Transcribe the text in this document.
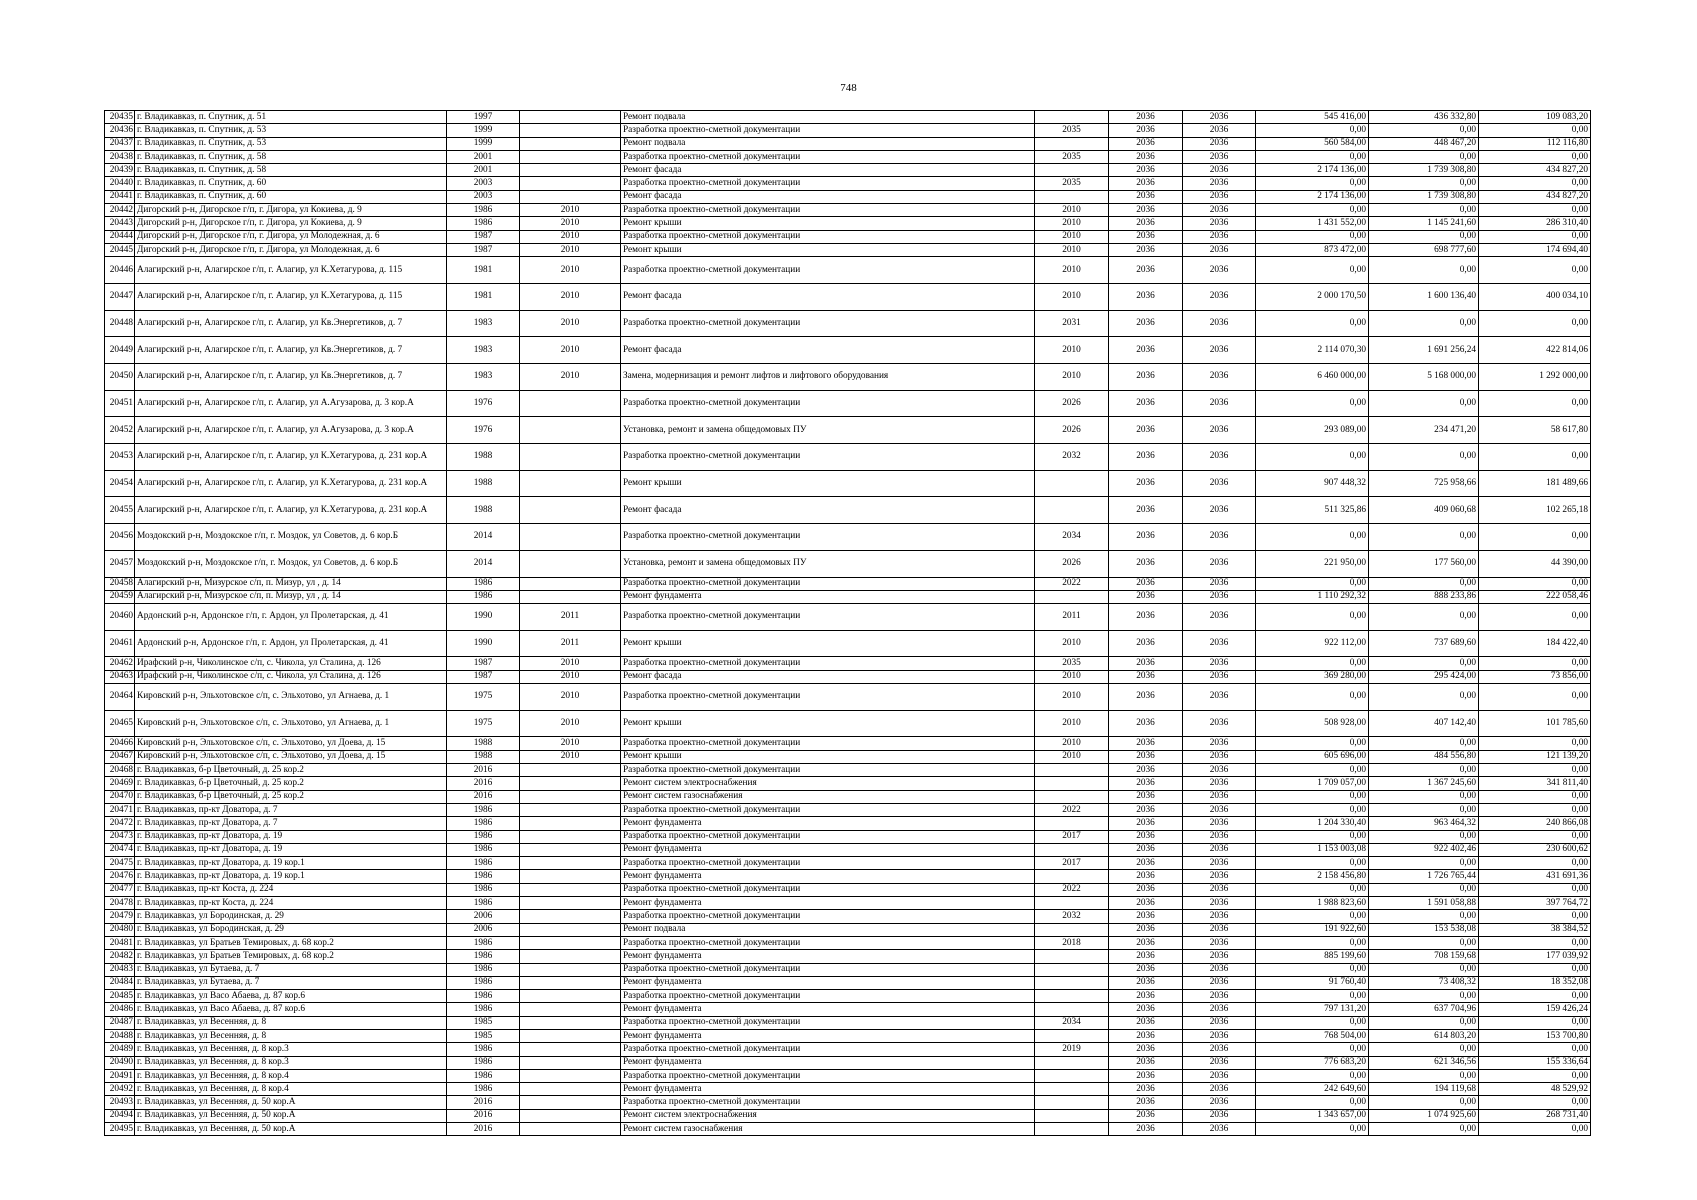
748
20435	г. Владикавказ, п. Спутник, д. 51	1997		Ремонт подвала		2036	2036	545 416,00	436 332,80	109 083,20
20436	г. Владикавказ, п. Спутник, д. 53	1999		Разработка проектно-сметной документации	2035	2036	2036	0,00	0,00	0,00
20437	г. Владикавказ, п. Спутник, д. 53	1999		Ремонт подвала		2036	2036	560 584,00	448 467,20	112 116,80
20438	г. Владикавказ, п. Спутник, д. 58	2001		Разработка проектно-сметной документации	2035	2036	2036	0,00	0,00	0,00
20439	г. Владикавказ, п. Спутник, д. 58	2001		Ремонт фасада		2036	2036	2 174 136,00	1 739 308,80	434 827,20
20440	г. Владикавказ, п. Спутник, д. 60	2003		Разработка проектно-сметной документации	2035	2036	2036	0,00	0,00	0,00
20441	г. Владикавказ, п. Спутник, д. 60	2003		Ремонт фасада		2036	2036	2 174 136,00	1 739 308,80	434 827,20
20442	Дигорский р-н, Дигорское г/п, г. Дигора, ул Кокиева, д. 9	1986	2010	Разработка проектно-сметной документации	2010	2036	2036	0,00	0,00	0,00
20443	Дигорский р-н, Дигорское г/п, г. Дигора, ул Кокиева, д. 9	1986	2010	Ремонт крыши	2010	2036	2036	1 431 552,00	1 145 241,60	286 310,40
20444	Дигорский р-н, Дигорское г/п, г. Дигора, ул Молодежная, д. 6	1987	2010	Разработка проектно-сметной документации	2010	2036	2036	0,00	0,00	0,00
20445	Дигорский р-н, Дигорское г/п, г. Дигора, ул Молодежная, д. 6	1987	2010	Ремонт крыши	2010	2036	2036	873 472,00	698 777,60	174 694,40
20446	Алагирский р-н, Алагирское г/п, г. Алагир, ул К.Хетагурова, д. 115	1981	2010	Разработка проектно-сметной документации	2010	2036	2036	0,00	0,00	0,00
20447	Алагирский р-н, Алагирское г/п, г. Алагир, ул К.Хетагурова, д. 115	1981	2010	Ремонт фасада	2010	2036	2036	2 000 170,50	1 600 136,40	400 034,10
20448	Алагирский р-н, Алагирское г/п, г. Алагир, ул Кв.Энергетиков, д. 7	1983	2010	Разработка проектно-сметной документации	2031	2036	2036	0,00	0,00	0,00
20449	Алагирский р-н, Алагирское г/п, г. Алагир, ул Кв.Энергетиков, д. 7	1983	2010	Ремонт фасада	2010	2036	2036	2 114 070,30	1 691 256,24	422 814,06
20450	Алагирский р-н, Алагирское г/п, г. Алагир, ул Кв.Энергетиков, д. 7	1983	2010	Замена, модернизация и ремонт лифтов и лифтового оборудования	2010	2036	2036	6 460 000,00	5 168 000,00	1 292 000,00
20451	Алагирский р-н, Алагирское г/п, г. Алагир, ул А.Агузарова, д. 3 кор.А	1976		Разработка проектно-сметной документации	2026	2036	2036	0,00	0,00	0,00
20452	Алагирский р-н, Алагирское г/п, г. Алагир, ул А.Агузарова, д. 3 кор.А	1976		Установка, ремонт и замена общедомовых ПУ	2026	2036	2036	293 089,00	234 471,20	58 617,80
20453	Алагирский р-н, Алагирское г/п, г. Алагир, ул К.Хетагурова, д. 231 кор.А	1988		Разработка проектно-сметной документации	2032	2036	2036	0,00	0,00	0,00
20454	Алагирский р-н, Алагирское г/п, г. Алагир, ул К.Хетагурова, д. 231 кор.А	1988		Ремонт крыши		2036	2036	907 448,32	725 958,66	181 489,66
20455	Алагирский р-н, Алагирское г/п, г. Алагир, ул К.Хетагурова, д. 231 кор.А	1988		Ремонт фасада		2036	2036	511 325,86	409 060,68	102 265,18
20456	Моздокский р-н, Моздокское г/п, г. Моздок, ул Советов, д. 6 кор.Б	2014		Разработка проектно-сметной документации	2034	2036	2036	0,00	0,00	0,00
20457	Моздокский р-н, Моздокское г/п, г. Моздок, ул Советов, д. 6 кор.Б	2014		Установка, ремонт и замена общедомовых ПУ	2026	2036	2036	221 950,00	177 560,00	44 390,00
20458	Алагирский р-н, Мизурское с/п, п. Мизур, ул , д. 14	1986		Разработка проектно-сметной документации	2022	2036	2036	0,00	0,00	0,00
20459	Алагирский р-н, Мизурское с/п, п. Мизур, ул , д. 14	1986		Ремонт фундамента		2036	2036	1 110 292,32	888 233,86	222 058,46
20460	Ардонский р-н, Ардонское г/п, г. Ардон, ул Пролетарская, д. 41	1990	2011	Разработка проектно-сметной документации	2011	2036	2036	0,00	0,00	0,00
20461	Ардонский р-н, Ардонское г/п, г. Ардон, ул Пролетарская, д. 41	1990	2011	Ремонт крыши	2010	2036	2036	922 112,00	737 689,60	184 422,40
20462	Ирафский р-н, Чиколинское с/п, с. Чикола, ул Сталина, д. 126	1987	2010	Разработка проектно-сметной документации	2035	2036	2036	0,00	0,00	0,00
20463	Ирафский р-н, Чиколинское с/п, с. Чикола, ул Сталина, д. 126	1987	2010	Ремонт фасада	2010	2036	2036	369 280,00	295 424,00	73 856,00
20464	Кировский р-н, Эльхотовское с/п, с. Эльхотово, ул Агнаева, д. 1	1975	2010	Разработка проектно-сметной документации	2010	2036	2036	0,00	0,00	0,00
20465	Кировский р-н, Эльхотовское с/п, с. Эльхотово, ул Агнаева, д. 1	1975	2010	Ремонт крыши	2010	2036	2036	508 928,00	407 142,40	101 785,60
20466	Кировский р-н, Эльхотовское с/п, с. Эльхотово, ул Доева, д. 15	1988	2010	Разработка проектно-сметной документации	2010	2036	2036	0,00	0,00	0,00
20467	Кировский р-н, Эльхотовское с/п, с. Эльхотово, ул Доева, д. 15	1988	2010	Ремонт крыши	2010	2036	2036	605 696,00	484 556,80	121 139,20
20468	г. Владикавказ, б-р Цветочный, д. 25 кор.2	2016		Разработка проектно-сметной документации		2036	2036	0,00	0,00	0,00
20469	г. Владикавказ, б-р Цветочный, д. 25 кор.2	2016		Ремонт систем электроснабжения		2036	2036	1 709 057,00	1 367 245,60	341 811,40
20470	г. Владикавказ, б-р Цветочный, д. 25 кор.2	2016		Ремонт систем газоснабжения		2036	2036	0,00	0,00	0,00
20471	г. Владикавказ, пр-кт Доватора, д. 7	1986		Разработка проектно-сметной документации	2022	2036	2036	0,00	0,00	0,00
20472	г. Владикавказ, пр-кт Доватора, д. 7	1986		Ремонт фундамента		2036	2036	1 204 330,40	963 464,32	240 866,08
20473	г. Владикавказ, пр-кт Доватора, д. 19	1986		Разработка проектно-сметной документации	2017	2036	2036	0,00	0,00	0,00
20474	г. Владикавказ, пр-кт Доватора, д. 19	1986		Ремонт фундамента		2036	2036	1 153 003,08	922 402,46	230 600,62
20475	г. Владикавказ, пр-кт Доватора, д. 19 кор.1	1986		Разработка проектно-сметной документации	2017	2036	2036	0,00	0,00	0,00
20476	г. Владикавказ, пр-кт Доватора, д. 19 кор.1	1986		Ремонт фундамента		2036	2036	2 158 456,80	1 726 765,44	431 691,36
20477	г. Владикавказ, пр-кт Коста, д. 224	1986		Разработка проектно-сметной документации	2022	2036	2036	0,00	0,00	0,00
20478	г. Владикавказ, пр-кт Коста, д. 224	1986		Ремонт фундамента		2036	2036	1 988 823,60	1 591 058,88	397 764,72
20479	г. Владикавказ, ул Бородинская, д. 29	2006		Разработка проектно-сметной документации	2032	2036	2036	0,00	0,00	0,00
20480	г. Владикавказ, ул Бородинская, д. 29	2006		Ремонт подвала		2036	2036	191 922,60	153 538,08	38 384,52
20481	г. Владикавказ, ул Братьев Темировых, д. 68 кор.2	1986		Разработка проектно-сметной документации	2018	2036	2036	0,00	0,00	0,00
20482	г. Владикавказ, ул Братьев Темировых, д. 68 кор.2	1986		Ремонт фундамента		2036	2036	885 199,60	708 159,68	177 039,92
20483	г. Владикавказ, ул Бутаева, д. 7	1986		Разработка проектно-сметной документации		2036	2036	0,00	0,00	0,00
20484	г. Владикавказ, ул Бутаева, д. 7	1986		Ремонт фундамента		2036	2036	91 760,40	73 408,32	18 352,08
20485	г. Владикавказ, ул Васо Абаева, д. 87 кор.6	1986		Разработка проектно-сметной документации		2036	2036	0,00	0,00	0,00
20486	г. Владикавказ, ул Васо Абаева, д. 87 кор.6	1986		Ремонт фундамента		2036	2036	797 131,20	637 704,96	159 426,24
20487	г. Владикавказ, ул Весенняя, д. 8	1985		Разработка проектно-сметной документации	2034	2036	2036	0,00	0,00	0,00
20488	г. Владикавказ, ул Весенняя, д. 8	1985		Ремонт фундамента		2036	2036	768 504,00	614 803,20	153 700,80
20489	г. Владикавказ, ул Весенняя, д. 8 кор.3	1986		Разработка проектно-сметной документации	2019	2036	2036	0,00	0,00	0,00
20490	г. Владикавказ, ул Весенняя, д. 8 кор.3	1986		Ремонт фундамента		2036	2036	776 683,20	621 346,56	155 336,64
20491	г. Владикавказ, ул Весенняя, д. 8 кор.4	1986		Разработка проектно-сметной документации		2036	2036	0,00	0,00	0,00
20492	г. Владикавказ, ул Весенняя, д. 8 кор.4	1986		Ремонт фундамента		2036	2036	242 649,60	194 119,68	48 529,92
20493	г. Владикавказ, ул Весенняя, д. 50 кор.А	2016		Разработка проектно-сметной документации		2036	2036	0,00	0,00	0,00
20494	г. Владикавказ, ул Весенняя, д. 50 кор.А	2016		Ремонт систем электроснабжения		2036	2036	1 343 657,00	1 074 925,60	268 731,40
20495	г. Владикавказ, ул Весенняя, д. 50 кор.А	2016		Ремонт систем газоснабжения		2036	2036	0,00	0,00	0,00
